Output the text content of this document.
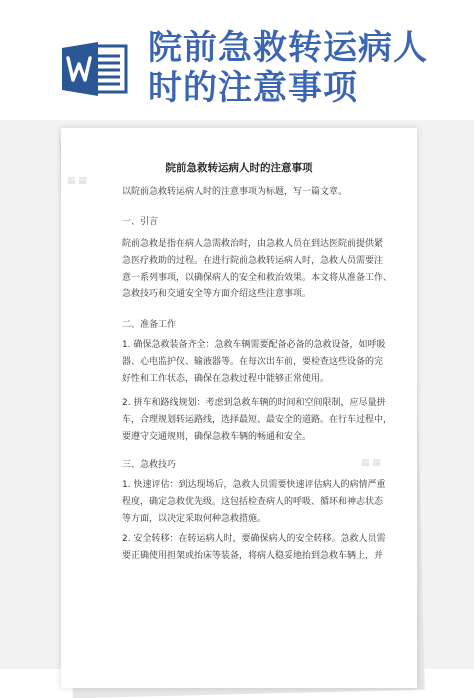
院前急救转运病人
时的注意事项
▦ ▦
▦ ▦
院前急救转运病人时的注意事项
以院前急救转运病人时的注意事项为标题，写一篇文章。
一、引言
院前急救是指在病人急需救治时，由急救人员在到达医院前提供紧
急医疗救助的过程。在进行院前急救转运病人时，急救人员需要注
意一系列事项，以确保病人的安全和救治效果。本文将从准备工作、
急救技巧和交通安全等方面介绍这些注意事项。
二、准备工作
1. 确保急救装备齐全：急救车辆需要配备必备的急救设备，如呼吸
器、心电监护仪、输液器等。在每次出车前，要检查这些设备的完
好性和工作状态，确保在急救过程中能够正常使用。
2. 拼车和路线规划：考虑到急救车辆的时间和空间限制，应尽量拼
车，合理规划转运路线，选择最短、最安全的道路。在行车过程中，
要遵守交通规则，确保急救车辆的畅通和安全。
三、急救技巧
1. 快速评估：到达现场后，急救人员需要快速评估病人的病情严重
程度，确定急救优先级。这包括检查病人的呼吸、循环和神志状态
等方面，以决定采取何种急救措施。
2. 安全转移：在转运病人时，要确保病人的安全转移。急救人员需
要正确使用担架或抬床等装备，将病人稳妥地抬到急救车辆上，并
